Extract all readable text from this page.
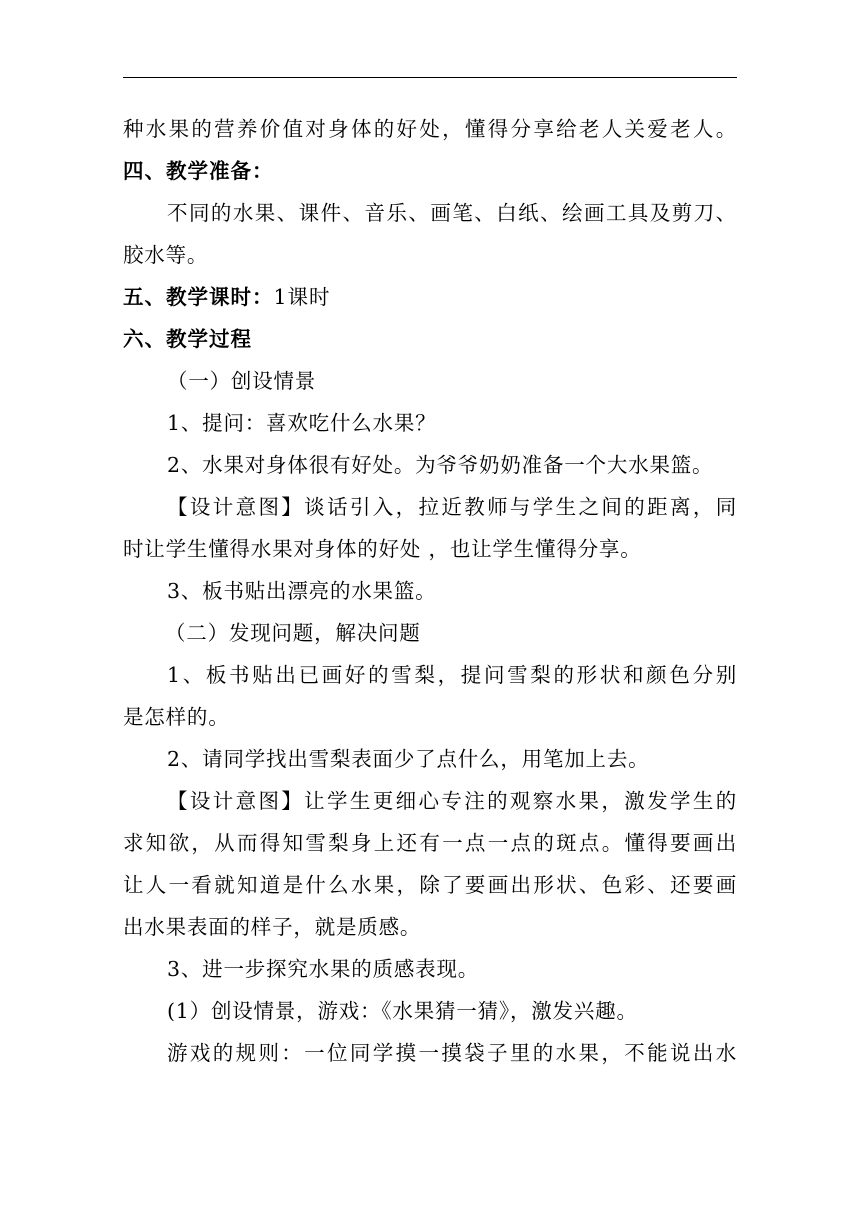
种水果的营养价值对身体的好处，懂得分享给老人关爱老人。
四、教学准备：
不同的水果、课件、音乐、画笔、白纸、绘画工具及剪刀、
胶水等。
五、教学课时：1课时
六、教学过程
（一）创设情景
1、提问：喜欢吃什么水果？
2、水果对身体很有好处。为爷爷奶奶准备一个大水果篮。
【设计意图】谈话引入，拉近教师与学生之间的距离，同
时让学生懂得水果对身体的好处 ，也让学生懂得分享。
3、板书贴出漂亮的水果篮。
（二）发现问题，解决问题
1、板书贴出已画好的雪梨，提问雪梨的形状和颜色分别
是怎样的。
2、请同学找出雪梨表面少了点什么，用笔加上去。
【设计意图】让学生更细心专注的观察水果，激发学生的
求知欲，从而得知雪梨身上还有一点一点的斑点。懂得要画出
让人一看就知道是什么水果，除了要画出形状、色彩、还要画
出水果表面的样子，就是质感。
3、进一步探究水果的质感表现。
(1）创设情景，游戏：《水果猜一猜》，激发兴趣。
游戏的规则：一位同学摸一摸袋子里的水果，不能说出水
